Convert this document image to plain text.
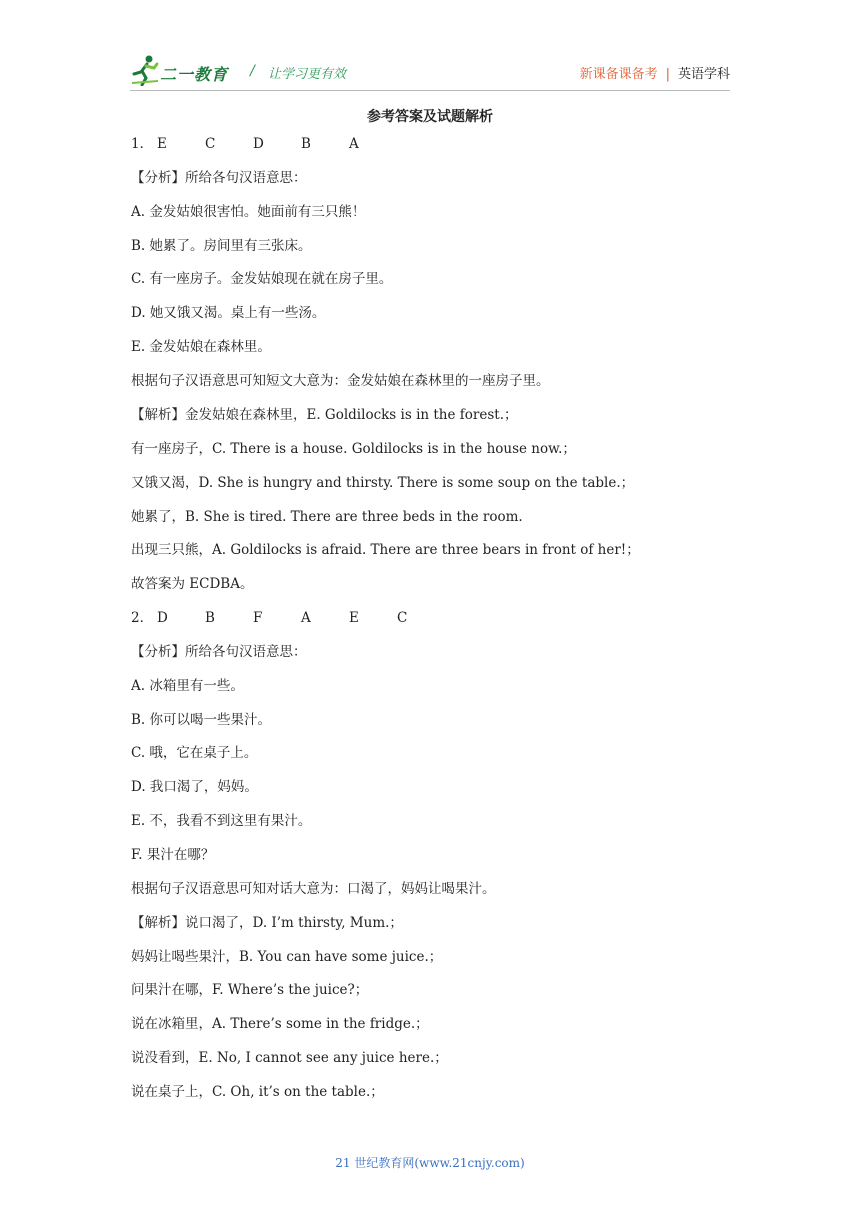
二一教育 / 让学习更有效	新课备课备考 | 英语学科
参考答案及试题解析
1． E	C	D	B	A
【分析】所给各句汉语意思：
A. 金发姑娘很害怕。她面前有三只熊！
B. 她累了。房间里有三张床。
C. 有一座房子。金发姑娘现在就在房子里。
D. 她又饿又渴。桌上有一些汤。
E. 金发姑娘在森林里。
根据句子汉语意思可知短文大意为：金发姑娘在森林里的一座房子里。
【解析】金发姑娘在森林里，E. Goldilocks is in the forest.；
有一座房子，C. There is a house. Goldilocks is in the house now.；
又饿又渴，D. She is hungry and thirsty. There is some soup on the table.；
她累了，B. She is tired. There are three beds in the room.
出现三只熊，A. Goldilocks is afraid. There are three bears in front of her!；
故答案为 ECDBA。
2． D	B	F	A	E	C
【分析】所给各句汉语意思：
A. 冰箱里有一些。
B. 你可以喝一些果汁。
C. 哦，它在桌子上。
D. 我口渴了，妈妈。
E. 不，我看不到这里有果汁。
F. 果汁在哪？
根据句子汉语意思可知对话大意为：口渴了，妈妈让喝果汁。
【解析】说口渴了，D. I’m thirsty, Mum.；
妈妈让喝些果汁，B. You can have some juice.；
问果汁在哪，F. Where’s the juice?；
说在冰箱里，A. There’s some in the fridge.；
说没看到，E. No, I cannot see any juice here.；
说在桌子上，C. Oh, it’s on the table.；
21 世纪教育网(www.21cnjy.com)
